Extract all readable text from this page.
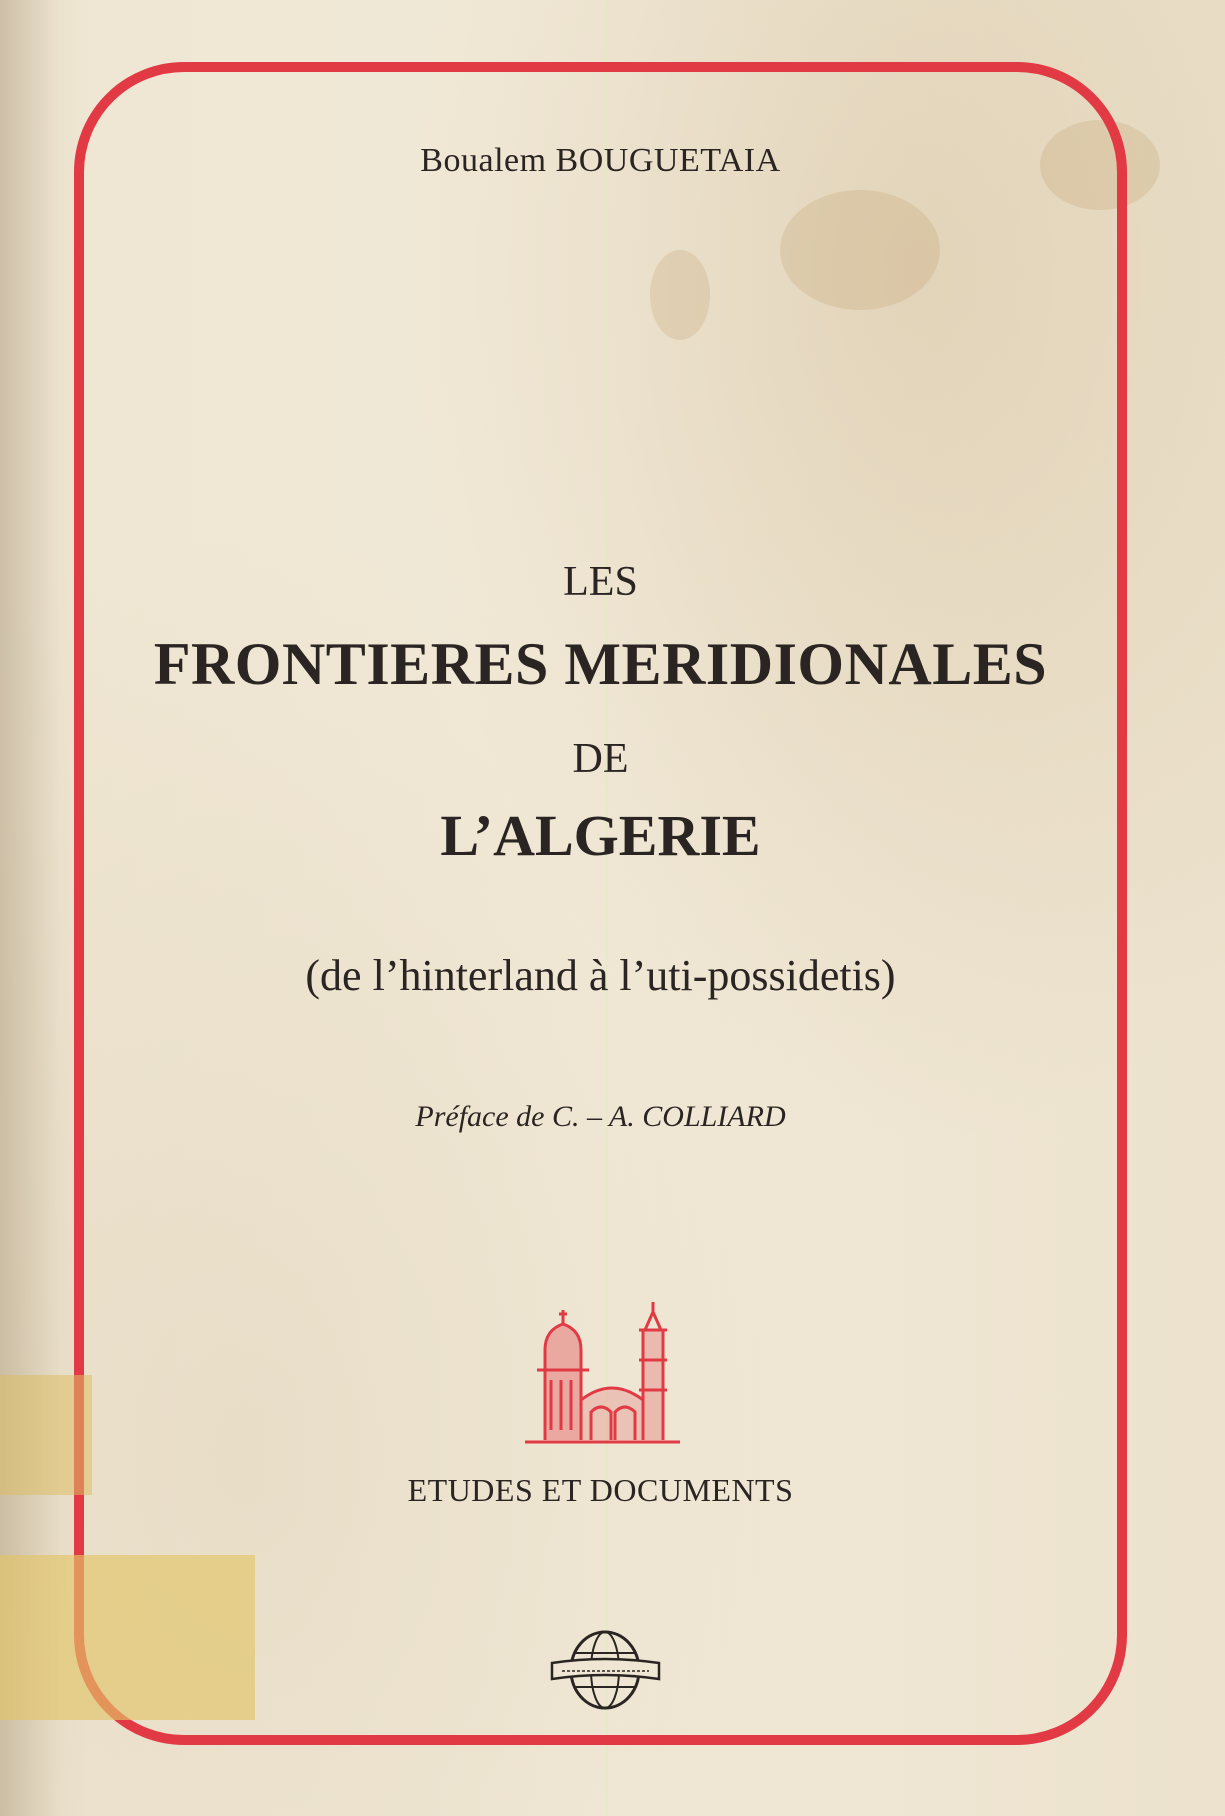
Boualem BOUGUETAIA
LES
FRONTIERES MERIDIONALES
DE
L’ALGERIE
(de l’hinterland à l’uti-possidetis)
Préface de C. – A. COLLIARD
ETUDES ET DOCUMENTS
